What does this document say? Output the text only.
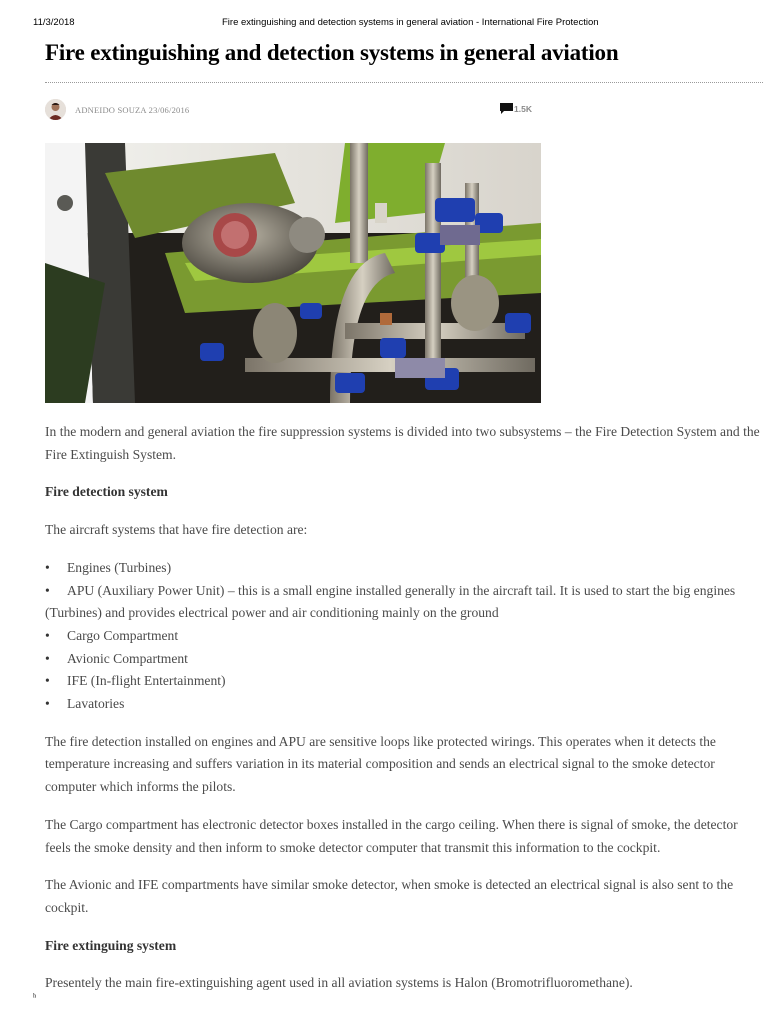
11/3/2018	Fire extinguishing and detection systems in general aviation - International Fire Protection
Fire extinguishing and detection systems in general aviation
ADNEIDO SOUZA 23/06/2016	1.5K

In the modern and general aviation the fire suppression systems is divided into two subsystems – the Fire Detection System and the Fire Extinguish System.

Fire detection system

The aircraft systems that have fire detection are:

• Engines (Turbines)
• APU (Auxiliary Power Unit) – this is a small engine installed generally in the aircraft tail. It is used to start the big engines (Turbines) and provides electrical power and air conditioning mainly on the ground
• Cargo Compartment
• Avionic Compartment
• IFE (In-flight Entertainment)
• Lavatories

The fire detection installed on engines and APU are sensitive loops like protected wirings. This operates when it detects the temperature increasing and suffers variation in its material composition and sends an electrical signal to the smoke detector computer which informs the pilots.

The Cargo compartment has electronic detector boxes installed in the cargo ceiling. When there is signal of smoke, the detector feels the smoke density and then inform to smoke detector computer that transmit this information to the cockpit.

The Avionic and IFE compartments have similar smoke detector, when smoke is detected an electrical signal is also sent to the cockpit.

Fire extinguing system

Presentely the main fire-extinguishing agent used in all aviation systems is Halon (Bromotrifluoromethane).

ʰ
